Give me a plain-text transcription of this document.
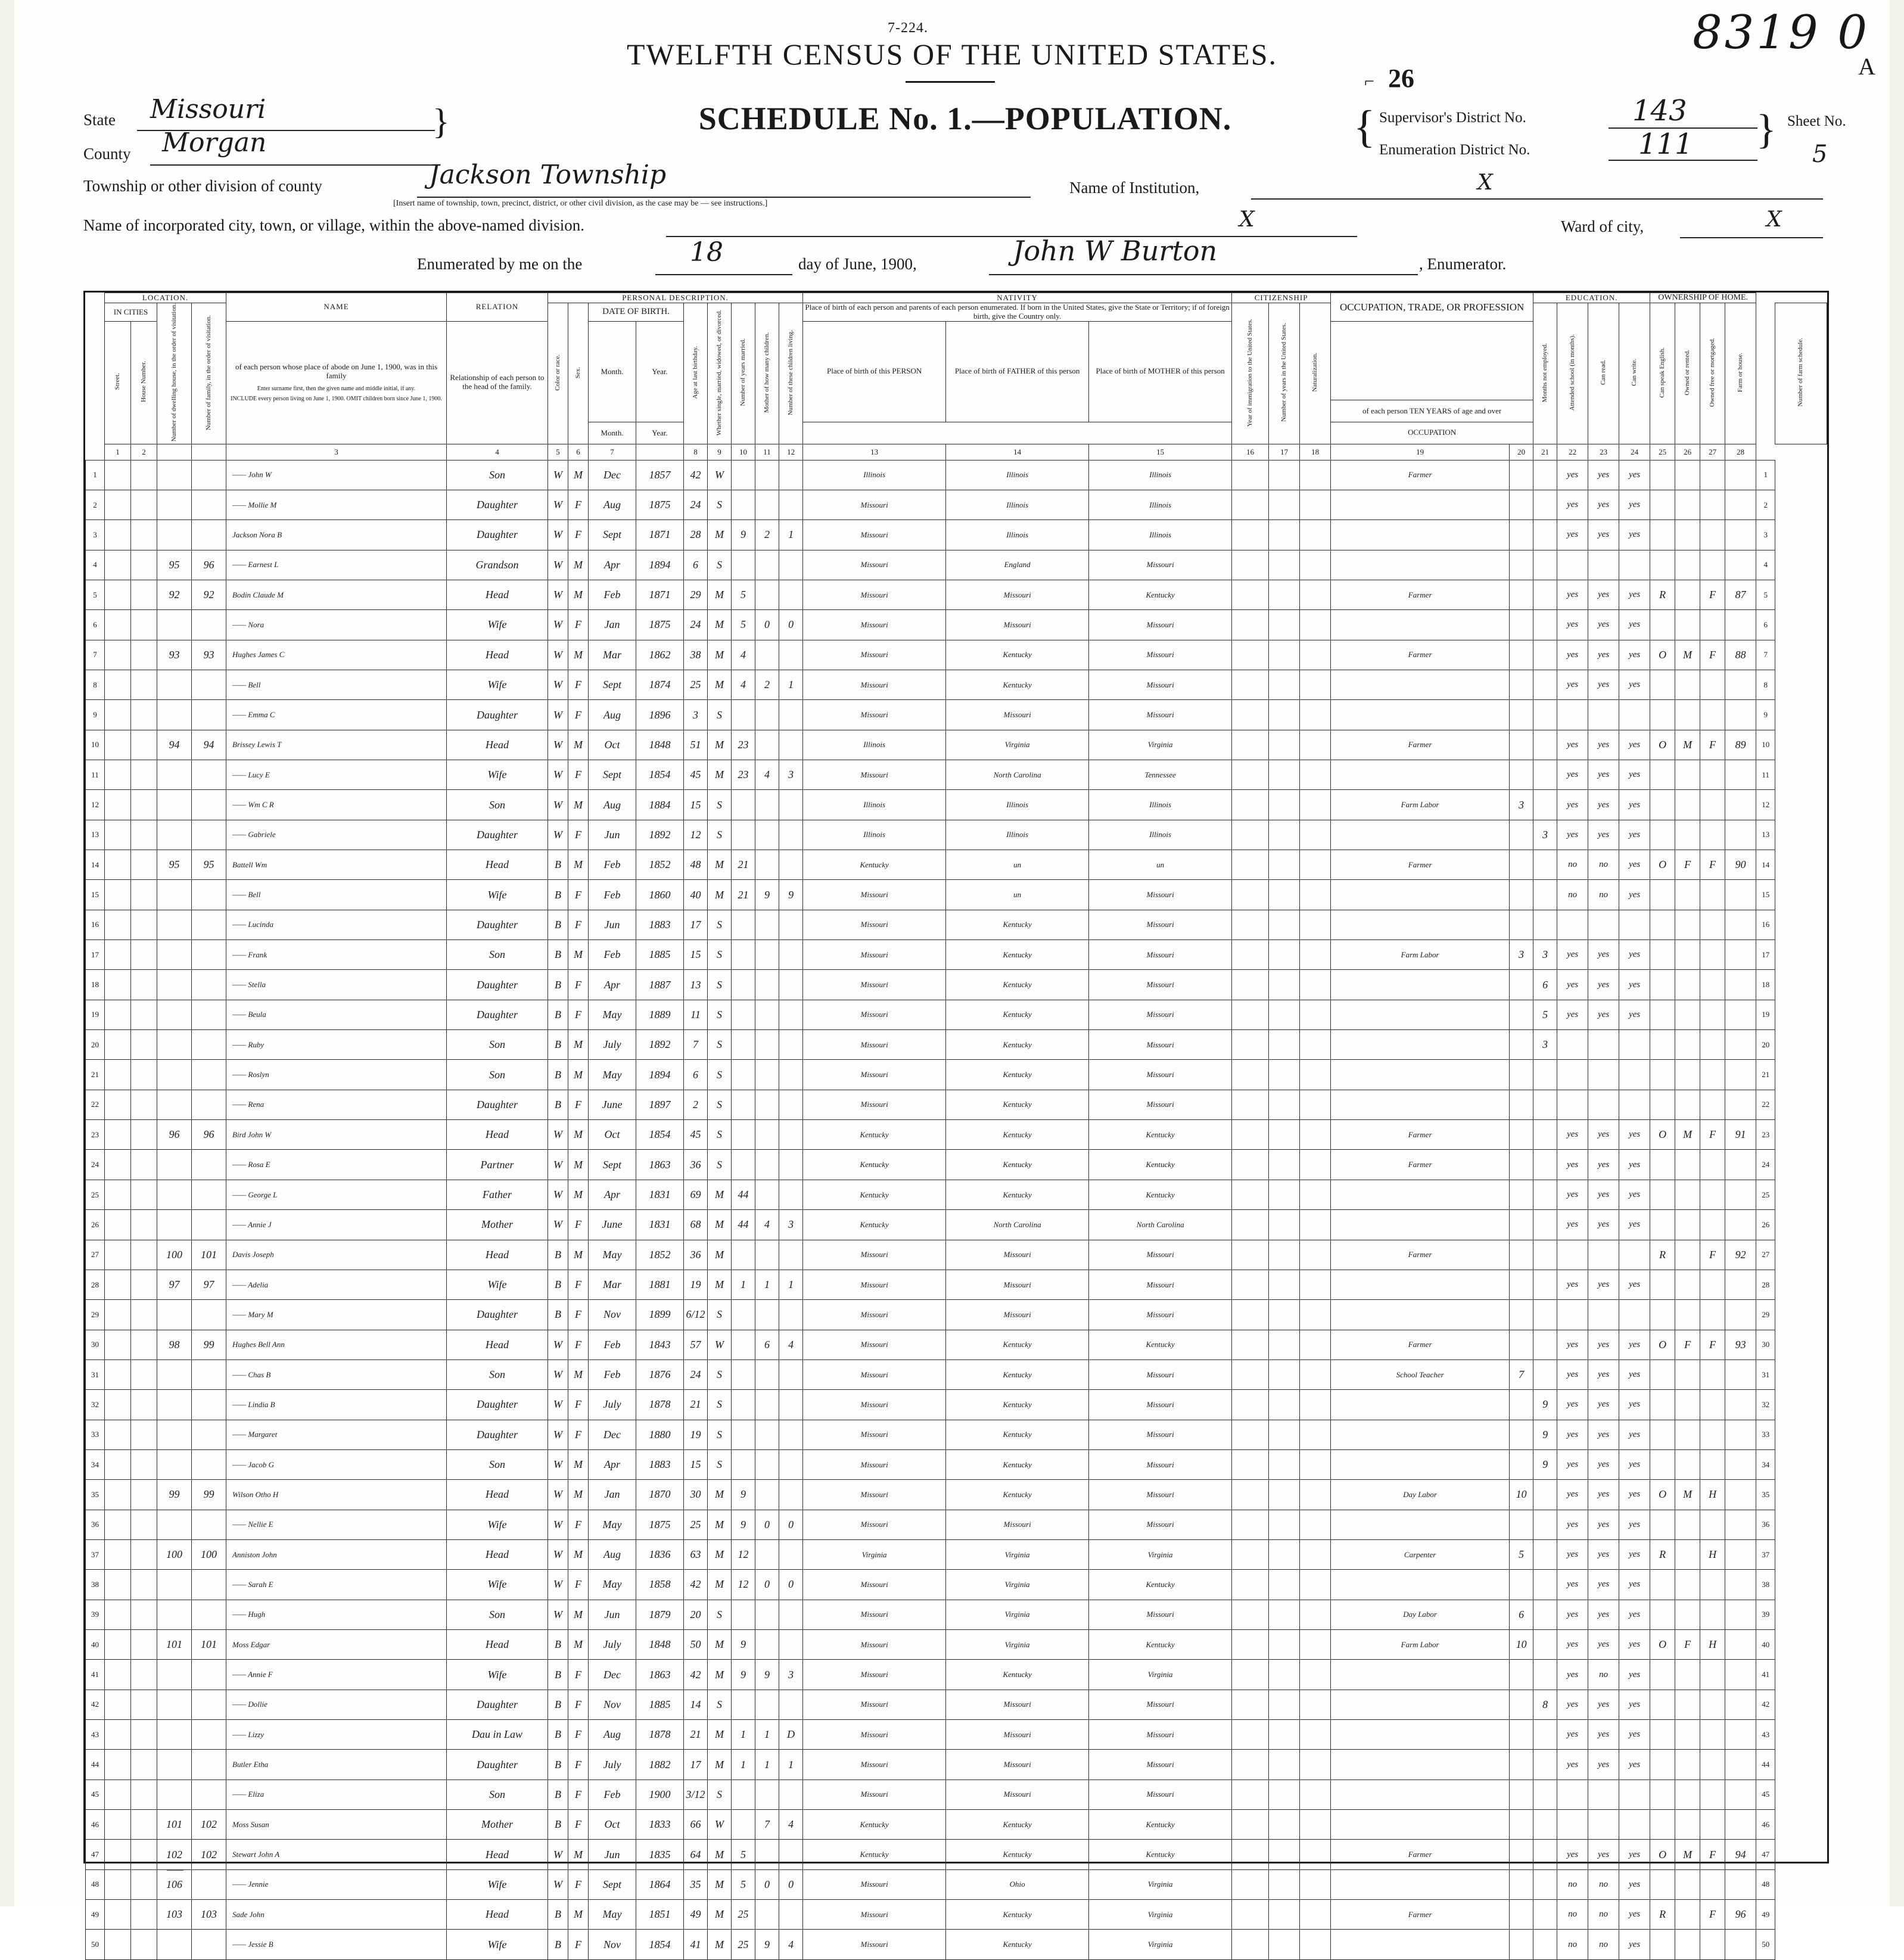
7-224.
TWELFTH CENSUS OF THE UNITED STATES.
SCHEDULE No. 1.—POPULATION.
8319 0
A
26
⌐
State Missouri
County Morgan
}
Township or other division of county	Jackson Township
[Insert name of township, town, precinct, district, or other civil division, as the case may be — see instructions.]
Name of Institution,	X
Name of incorporated city, town, or village, within the above-named division.	X	Ward of city,	X
{ Supervisor's District No.	143
Enumeration District No.	111 } Sheet No.
5
Enumerated by me on the	18	day of June, 1900,	John W Burton	, Enumerator.
	LOCATION.				NAME	RELATION	PERSONAL DESCRIPTION.									NATIVITY			CITIZENSHIP			OCCUPATION, TRADE, OR PROFESSION		EDUCATION.				OWNERSHIP OF HOME.					
	IN CITIES		Number of dwelling house, in the order of visitation.	Number of family, in the order of visitation.			Color or race.	Sex.	DATE OF BIRTH.		Age at last birthday.	Whether single, married, widowed, or divorced.	Number of years married.	Mother of how many children.	Number of these children living.	Place of birth of each person and parents of each person enumerated. If born in the United States, give the State or Territory; if of foreign birth, give the Country only.			Year of immigration to the United States.	Number of years in the United States.	Naturalization.			Months not employed.	Attended school (in months).	Can read.	Can write.	Can speak English.	Owned or rented.	Owned free or mortgaged.	Farm or house.		Number of farm schedule.
	Street.	House Number.			of each person whose place of abode on June 1, 1900, was in this family
Enter surname first, then the given name and middle initial, if any.
INCLUDE every person living on June 1, 1900. OMIT children born since June 1, 1900.	Relationship of each person to the head of the family.			Month.	Year.						Place of birth of this PERSON	Place of birth of FATHER of this person	Place of birth of MOTHER of this person															
																						of each person TEN YEARS of age and over											
									Month.	Year.												OCCUPATION											
	1	2			3	4	5	6	7		8	9	10	11	12	13	14	15	16	17	18	19	20	21	22	23	24	25	26	27	28		
1					—— John W	Son	W	M	Dec	1857	42	W				Illinois	Illinois	Illinois				Farmer			yes	yes	yes					1	
2					—— Mollie M	Daughter	W	F	Aug	1875	24	S				Missouri	Illinois	Illinois							yes	yes	yes					2	
3					Jackson Nora B	Daughter	W	F	Sept	1871	28	M	9	2	1	Missouri	Illinois	Illinois							yes	yes	yes					3	
4			95	96	—— Earnest L	Grandson	W	M	Apr	1894	6	S				Missouri	England	Missouri														4	
5			92	92	Bodin Claude M	Head	W	M	Feb	1871	29	M	5			Missouri	Missouri	Kentucky				Farmer			yes	yes	yes	R		F	87	5	
6					—— Nora	Wife	W	F	Jan	1875	24	M	5	0	0	Missouri	Missouri	Missouri							yes	yes	yes					6	
7			93	93	Hughes James C	Head	W	M	Mar	1862	38	M	4			Missouri	Kentucky	Missouri				Farmer			yes	yes	yes	O	M	F	88	7	
8					—— Bell	Wife	W	F	Sept	1874	25	M	4	2	1	Missouri	Kentucky	Missouri							yes	yes	yes					8	
9					—— Emma C	Daughter	W	F	Aug	1896	3	S				Missouri	Missouri	Missouri														9	
10			94	94	Brissey Lewis T	Head	W	M	Oct	1848	51	M	23			Illinois	Virginia	Virginia				Farmer			yes	yes	yes	O	M	F	89	10	
11					—— Lucy E	Wife	W	F	Sept	1854	45	M	23	4	3	Missouri	North Carolina	Tennessee							yes	yes	yes					11	
12					—— Wm C R	Son	W	M	Aug	1884	15	S				Illinois	Illinois	Illinois				Farm Labor	3		yes	yes	yes					12	
13					—— Gabriele	Daughter	W	F	Jun	1892	12	S				Illinois	Illinois	Illinois						3	yes	yes	yes					13	
14			95	95	Battell Wm	Head	B	M	Feb	1852	48	M	21			Kentucky	un	un				Farmer			no	no	yes	O	F	F	90	14	
15					—— Bell	Wife	B	F	Feb	1860	40	M	21	9	9	Missouri	un	Missouri							no	no	yes					15	
16					—— Lucinda	Daughter	B	F	Jun	1883	17	S				Missouri	Kentucky	Missouri														16	
17					—— Frank	Son	B	M	Feb	1885	15	S				Missouri	Kentucky	Missouri				Farm Labor	3	3	yes	yes	yes					17	
18					—— Stella	Daughter	B	F	Apr	1887	13	S				Missouri	Kentucky	Missouri						6	yes	yes	yes					18	
19					—— Beula	Daughter	B	F	May	1889	11	S				Missouri	Kentucky	Missouri						5	yes	yes	yes					19	
20					—— Ruby	Son	B	M	July	1892	7	S				Missouri	Kentucky	Missouri						3								20	
21					—— Roslyn	Son	B	M	May	1894	6	S				Missouri	Kentucky	Missouri														21	
22					—— Rena	Daughter	B	F	June	1897	2	S				Missouri	Kentucky	Missouri														22	
23			96	96	Bird John W	Head	W	M	Oct	1854	45	S				Kentucky	Kentucky	Kentucky				Farmer			yes	yes	yes	O	M	F	91	23	
24					—— Rosa E	Partner	W	M	Sept	1863	36	S				Kentucky	Kentucky	Kentucky				Farmer			yes	yes	yes					24	
25					—— George L	Father	W	M	Apr	1831	69	M	44			Kentucky	Kentucky	Kentucky							yes	yes	yes					25	
26					—— Annie J	Mother	W	F	June	1831	68	M	44	4	3	Kentucky	North Carolina	North Carolina							yes	yes	yes					26	
27			100	101	Davis Joseph	Head	B	M	May	1852	36	M				Missouri	Missouri	Missouri				Farmer						R		F	92	27	
28			97	97	—— Adelia	Wife	B	F	Mar	1881	19	M	1	1	1	Missouri	Missouri	Missouri							yes	yes	yes					28	
29					—— Mary M	Daughter	B	F	Nov	1899	6/12	S				Missouri	Missouri	Missouri														29	
30			98	99	Hughes Bell Ann	Head	W	F	Feb	1843	57	W		6	4	Missouri	Kentucky	Kentucky				Farmer			yes	yes	yes	O	F	F	93	30	
31					—— Chas B	Son	W	M	Feb	1876	24	S				Missouri	Kentucky	Missouri				School Teacher	7		yes	yes	yes					31	
32					—— Lindia B	Daughter	W	F	July	1878	21	S				Missouri	Kentucky	Missouri						9	yes	yes	yes					32	
33					—— Margaret	Daughter	W	F	Dec	1880	19	S				Missouri	Kentucky	Missouri						9	yes	yes	yes					33	
34					—— Jacob G	Son	W	M	Apr	1883	15	S				Missouri	Kentucky	Missouri						9	yes	yes	yes					34	
35			99	99	Wilson Otho H	Head	W	M	Jan	1870	30	M	9			Missouri	Kentucky	Missouri				Day Labor	10		yes	yes	yes	O	M	H		35	
36					—— Nellie E	Wife	W	F	May	1875	25	M	9	0	0	Missouri	Missouri	Missouri							yes	yes	yes					36	
37			100	100	Anniston John	Head	W	M	Aug	1836	63	M	12			Virginia	Virginia	Virginia				Carpenter	5		yes	yes	yes	R		H		37	
38					—— Sarah E	Wife	W	F	May	1858	42	M	12	0	0	Missouri	Virginia	Kentucky							yes	yes	yes					38	
39					—— Hugh	Son	W	M	Jun	1879	20	S				Missouri	Virginia	Missouri				Day Labor	6		yes	yes	yes					39	
40			101	101	Moss Edgar	Head	B	M	July	1848	50	M	9			Missouri	Virginia	Kentucky				Farm Labor	10		yes	yes	yes	O	F	H		40	
41					—— Annie F	Wife	B	F	Dec	1863	42	M	9	9	3	Missouri	Kentucky	Virginia							yes	no	yes					41	
42					—— Dollie	Daughter	B	F	Nov	1885	14	S				Missouri	Missouri	Missouri						8	yes	yes	yes					42	
43					—— Lizzy	Dau in Law	B	F	Aug	1878	21	M	1	1	D	Missouri	Missouri	Missouri							yes	yes	yes					43	
44					Butler Etha	Daughter	B	F	July	1882	17	M	1	1	1	Missouri	Missouri	Missouri							yes	yes	yes					44	
45					—— Eliza	Son	B	F	Feb	1900	3/12	S				Missouri	Missouri	Missouri														45	
46			101	102	Moss Susan	Mother	B	F	Oct	1833	66	W		7	4	Kentucky	Kentucky	Kentucky														46	
47			102	102	Stewart John A	Head	W	M	Jun	1835	64	M	5			Kentucky	Kentucky	Kentucky				Farmer			yes	yes	yes	O	M	F	94	47	
48			106		—— Jennie	Wife	W	F	Sept	1864	35	M	5	0	0	Missouri	Ohio	Virginia							no	no	yes					48	
49			103	103	Sade John	Head	B	M	May	1851	49	M	25			Missouri	Kentucky	Virginia				Farmer			no	no	yes	R		F	96	49	
50					—— Jessie B	Wife	B	F	Nov	1854	41	M	25	9	4	Missouri	Kentucky	Virginia							no	no	yes					50	
——
